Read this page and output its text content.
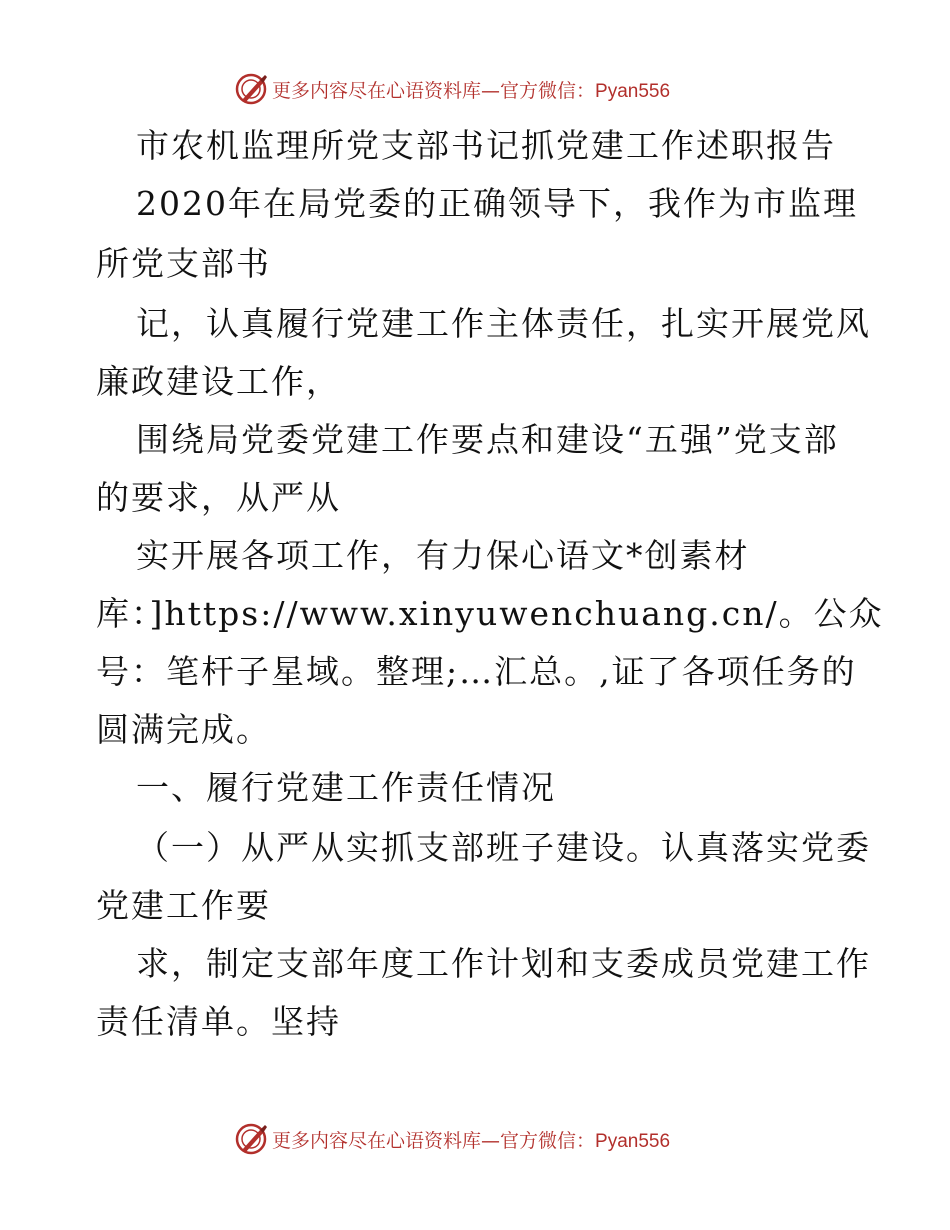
更多内容尽在心语资料库—官方微信：Pyan556
市农机监理所党支部书记抓党建工作述职报告
2020年在局党委的正确领导下，我作为市监理
所党支部书
记，认真履行党建工作主体责任，扎实开展党风
廉政建设工作，
围绕局党委党建工作要点和建设“五强”党支部
的要求，从严从
实开展各项工作，有力保心语文*创素材
库：]https://www.xinyuwenchuang.cn/。公众
号：笔杆子星域。整理;…汇总。,证了各项任务的
圆满完成。
一、履行党建工作责任情况
（一）从严从实抓支部班子建设。认真落实党委
党建工作要
求，制定支部年度工作计划和支委成员党建工作
责任清单。坚持
更多内容尽在心语资料库—官方微信：Pyan556
